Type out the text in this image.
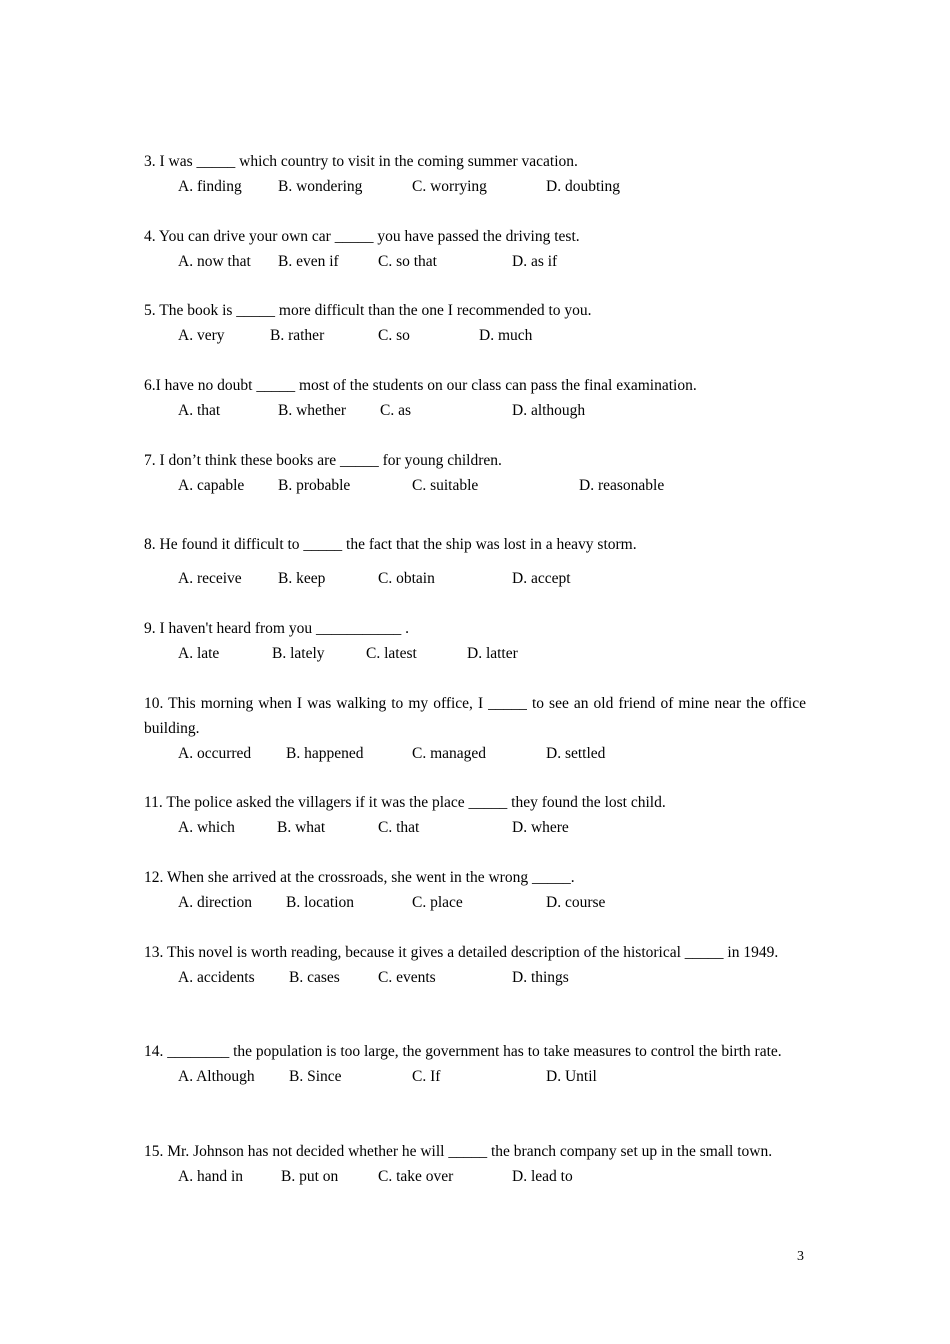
3. I was _____ which country to visit in the coming summer vacation.
A. finding B. wondering	C. worrying	D. doubting
4. You can drive your own car _____ you have passed the driving test.
A. now that B. even if	C. so that	D. as if
5. The book is _____ more difficult than the one I recommended to you.
A. very	B. rather	C. so	D. much
6.I have no doubt _____ most of the students on our class can pass the final examination.
A. that	B. whether C. as	D. although
7. I don’t think these books are _____ for young children.
A. capable B. probable	C. suitable	D. reasonable
8. He found it difficult to _____ the fact that the ship was lost in a heavy storm.
A. receive B. keep	C. obtain	D. accept
9. I haven't heard from you ___________ .
A. late	B. lately	C. latest	D. latter
10. This morning when I was walking to my office, I _____ to see an old friend of mine near the office building.
A. occurred B. happened	C. managed	D. settled
11. The police asked the villagers if it was the place _____ they found the lost child.
A. which	B. what	C. that	D. where
12. When she arrived at the crossroads, she went in the wrong _____.
A. direction B. location	C. place	D. course
13. This novel is worth reading, because it gives a detailed description of the historical _____ in 1949.
A. accidents B. cases C. events	D. things
14. ________ the population is too large, the government has to take measures to control the birth rate.
A. Although B. Since	C. If	D. Until
15. Mr. Johnson has not decided whether he will _____ the branch company set up in the small town.
A. hand in B. put on	C. take over	D. lead to
3
